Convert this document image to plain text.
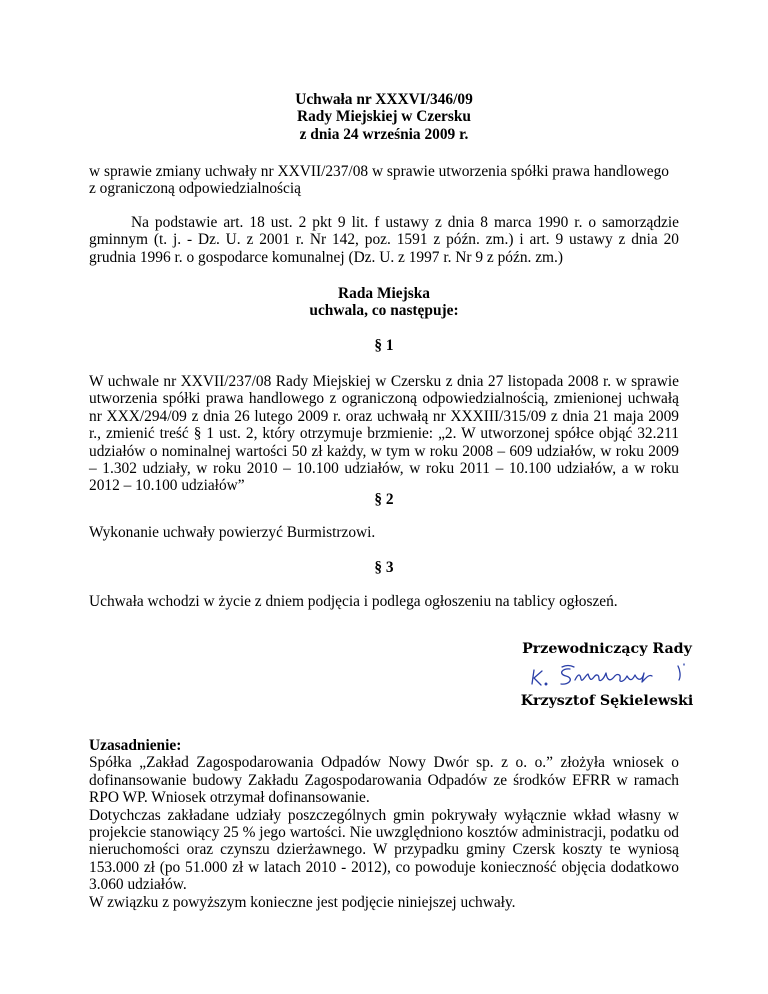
Uchwała nr XXXVI/346/09
Rady Miejskiej w Czersku
z dnia 24 września 2009 r.

w sprawie zmiany uchwały nr XXVII/237/08 w sprawie utworzenia spółki prawa handlowego z ograniczoną odpowiedzialnością

Na podstawie art. 18 ust. 2 pkt 9 lit. f ustawy z dnia 8 marca 1990 r. o samorządzie gminnym (t. j. - Dz. U. z 2001 r. Nr 142, poz. 1591 z późn. zm.) i art. 9 ustawy z dnia 20 grudnia 1996 r. o gospodarce komunalnej (Dz. U. z 1997 r. Nr 9 z późn. zm.)

Rada Miejska
uchwala, co następuje:
§ 1

W uchwale nr XXVII/237/08 Rady Miejskiej w Czersku z dnia 27 listopada 2008 r. w sprawie utworzenia spółki prawa handlowego z ograniczoną odpowiedzialnością, zmienionej uchwałą nr XXX/294/09 z dnia 26 lutego 2009 r. oraz uchwałą nr XXXIII/315/09 z dnia 21 maja 2009 r., zmienić treść § 1 ust. 2, który otrzymuje brzmienie: „2. W utworzonej spółce objąć 32.211 udziałów o nominalnej wartości 50 zł każdy, w tym w roku 2008 – 609 udziałów, w roku 2009 – 1.302 udziały, w roku 2010 – 10.100 udziałów, w roku 2011 – 10.100 udziałów, a w roku 2012 – 10.100 udziałów”

§ 2

Wykonanie uchwały powierzyć Burmistrzowi.

§ 3

Uchwała wchodzi w życie z dniem podjęcia i podlega ogłoszeniu na tablicy ogłoszeń.

Przewodniczący Rady
Krzysztof Sękielewski
Uzasadnienie:
Spółka „Zakład Zagospodarowania Odpadów Nowy Dwór sp. z o. o.” złożyła wniosek o dofinansowanie budowy Zakładu Zagospodarowania Odpadów ze środków EFRR w ramach RPO WP. Wniosek otrzymał dofinansowanie.
Dotychczas zakładane udziały poszczególnych gmin pokrywały wyłącznie wkład własny w projekcie stanowiący 25 % jego wartości. Nie uwzględniono kosztów administracji, podatku od nieruchomości oraz czynszu dzierżawnego. W przypadku gminy Czersk koszty te wyniosą 153.000 zł (po 51.000 zł w latach 2010 - 2012), co powoduje konieczność objęcia dodatkowo 3.060 udziałów.
W związku z powyższym konieczne jest podjęcie niniejszej uchwały.
